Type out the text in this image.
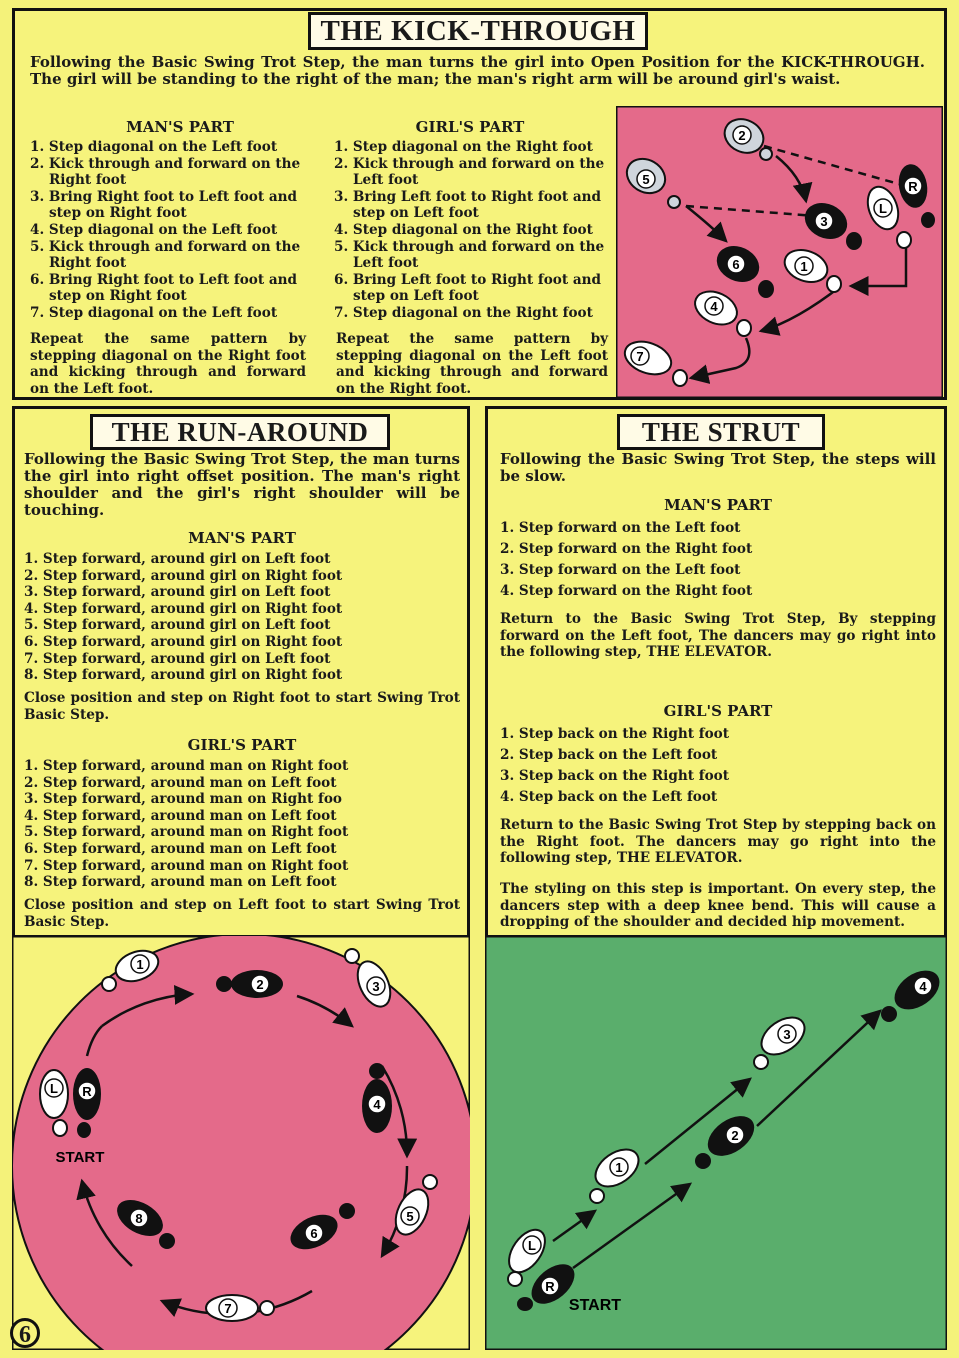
THE KICK-THROUGH
Following the Basic Swing Trot Step, the man turns the girl into Open Position for the KICK-THROUGH. The girl will be standing to the right of the man; the man's right arm will be around girl's waist.
MAN'S PART
1. Step diagonal on the Left foot
2. Kick through and forward on the Right foot
3. Bring Right foot to Left foot and step on Right foot
4. Step diagonal on the Left foot
5. Kick through and forward on the Right foot
6. Bring Right foot to Left foot and step on Right foot
7. Step diagonal on the Left foot
Repeat the same pattern by stepping diagonal on the Right foot and kicking through and forward on the Left foot.
GIRL'S PART
1. Step diagonal on the Right foot
2. Kick through and forward on the Left foot
3. Bring Left foot to Right foot and step on Left foot
4. Step diagonal on the Right foot
5. Kick through and forward on the Left foot
6. Bring Left foot to Right foot and step on Left foot
7. Step diagonal on the Right foot
Repeat the same pattern by stepping diagonal on the Left foot and kicking through and forward on the Right foot.
2
5
3
L
R
6	1
4
7
THE RUN-AROUND
Following the Basic Swing Trot Step, the man turns the girl into right offset position. The man's right shoulder and the girl's right shoulder will be touching.
MAN'S PART
1. Step forward, around girl on Left foot
2. Step forward, around girl on Right foot
3. Step forward, around girl on Left foot
4. Step forward, around girl on Right foot
5. Step forward, around girl on Left foot
6. Step forward, around girl on Right foot
7. Step forward, around girl on Left foot
8. Step forward, around girl on Right foot
Close position and step on Right foot to start Swing Trot Basic Step.
GIRL'S PART
1. Step forward, around man on Right foot
2. Step forward, around man on Left foot
3. Step forward, around man on Right foo
4. Step forward, around man on Left foot
5. Step forward, around man on Right foot
6. Step forward, around man on Left foot
7. Step forward, around man on Right foot
8. Step forward, around man on Left foot
Close position and step on Left foot to start Swing Trot Basic Step.
1
2	3
4
5
6
7
8
L R
START
THE STRUT
Following the Basic Swing Trot Step, the steps will be slow.
MAN'S PART
1. Step forward on the Left foot
2. Step forward on the Right foot
3. Step forward on the Left foot
4. Step forward on the Right foot
Return to the Basic Swing Trot Step, By stepping forward on the Left foot, The dancers may go right into the following step, THE ELEVATOR.
GIRL'S PART
1. Step back on the Right foot
2. Step back on the Left foot
3. Step back on the Right foot
4. Step back on the Left foot
Return to the Basic Swing Trot Step by stepping back on the Right foot. The dancers may go right into the following step, THE ELEVATOR.
The styling on this step is important. On every step, the dancers step with a deep knee bend. This will cause a dropping of the shoulder and decided hip movement.
L
R
1
2
3
4
START
6
